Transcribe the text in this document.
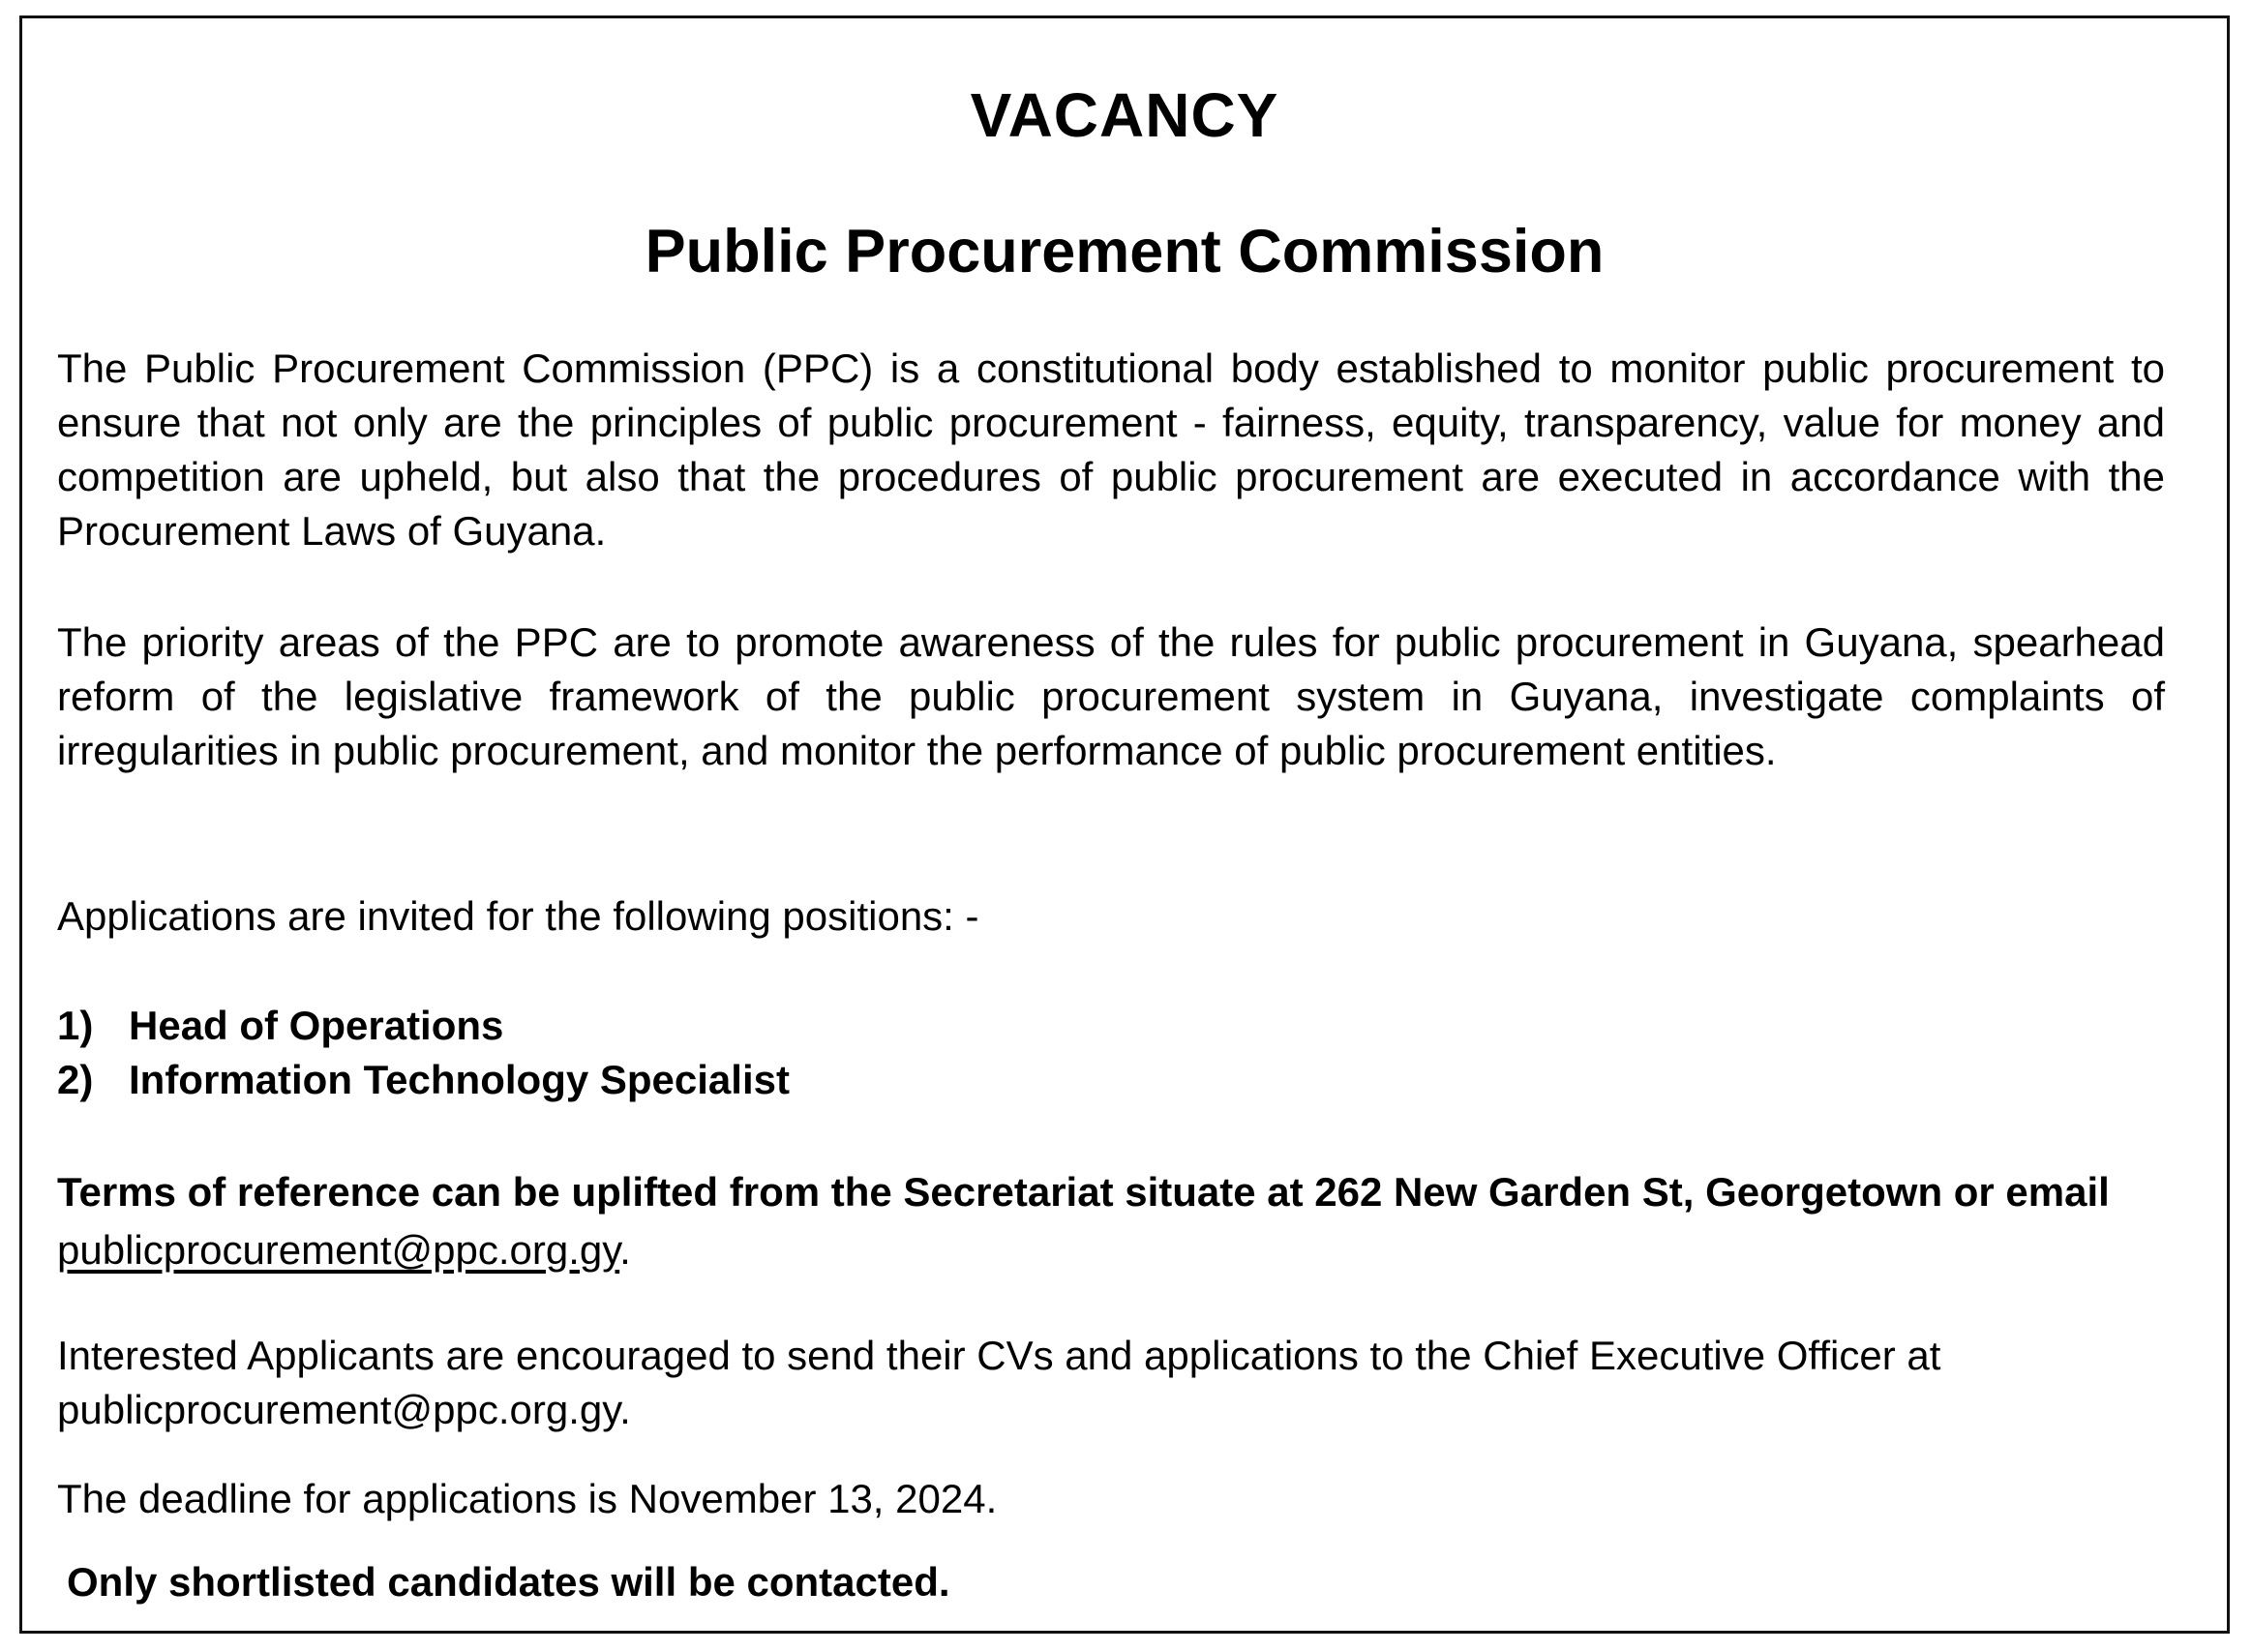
VACANCY
Public Procurement Commission

The Public Procurement Commission (PPC) is a constitutional body established to monitor public procurement to ensure that not only are the principles of public procurement - fairness, equity, transparency, value for money and competition are upheld, but also that the procedures of public procurement are executed in accordance with the Procurement Laws of Guyana.

The priority areas of the PPC are to promote awareness of the rules for public procurement in Guyana, spearhead reform of the legislative framework of the public procurement system in Guyana, investigate complaints of irregularities in public procurement, and monitor the performance of public procurement entities.

Applications are invited for the following positions: -

1) Head of Operations
2) Information Technology Specialist

Terms of reference can be uplifted from the Secretariat situate at 262 New Garden St, Georgetown or email publicprocurement@ppc.org.gy.

Interested Applicants are encouraged to send their CVs and applications to the Chief Executive Officer at publicprocurement@ppc.org.gy.

The deadline for applications is November 13, 2024.

Only shortlisted candidates will be contacted.
